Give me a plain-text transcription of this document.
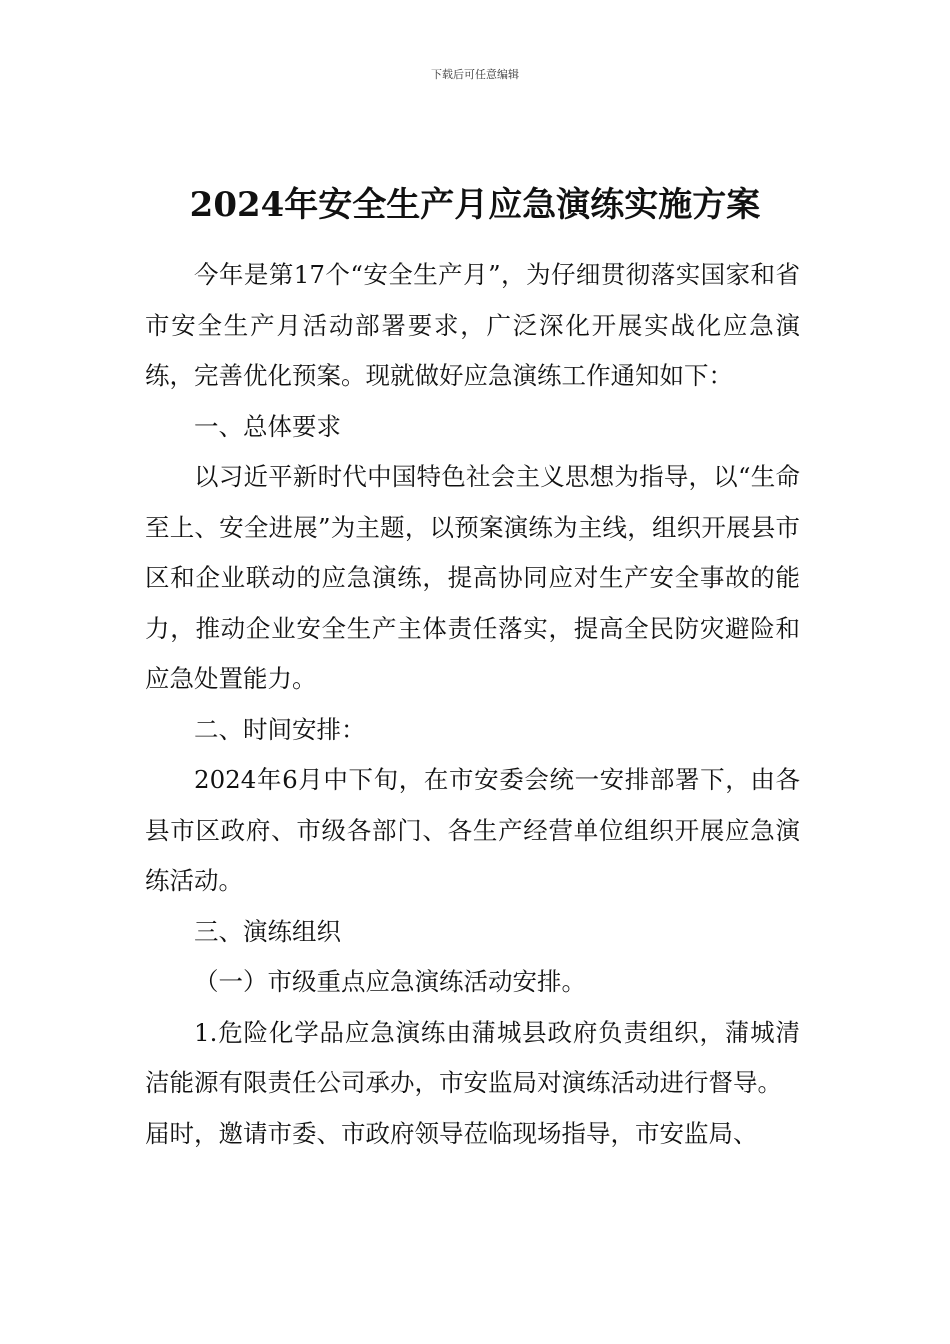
下载后可任意编辑
2024年安全生产月应急演练实施方案

今年是第17个“安全生产月”，为仔细贯彻落实国家和省市安全生产月活动部署要求，广泛深化开展实战化应急演练，完善优化预案。现就做好应急演练工作通知如下：

一、总体要求

以习近平新时代中国特色社会主义思想为指导，以“生命至上、安全进展”为主题，以预案演练为主线，组织开展县市区和企业联动的应急演练，提高协同应对生产安全事故的能力，推动企业安全生产主体责任落实，提高全民防灾避险和应急处置能力。

二、时间安排：

2024年6月中下旬，在市安委会统一安排部署下，由各县市区政府、市级各部门、各生产经营单位组织开展应急演练活动。

三、演练组织

（一）市级重点应急演练活动安排。

1.危险化学品应急演练由蒲城县政府负责组织，蒲城清洁能源有限责任公司承办，市安监局对演练活动进行督导。

届时，邀请市委、市政府领导莅临现场指导，市安监局、
